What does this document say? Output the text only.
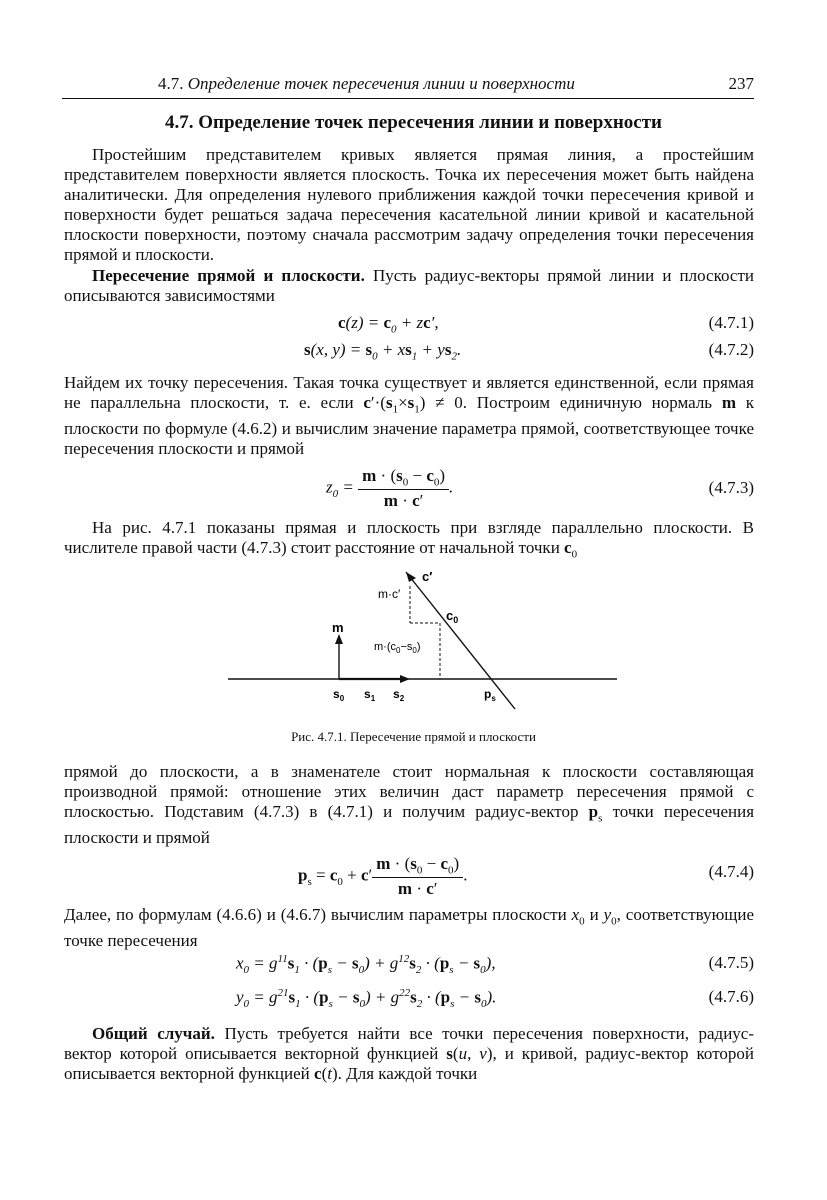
4.7. Определение точек пересечения линии и поверхности	237
4.7. Определение точек пересечения линии и поверхности
Простейшим представителем кривых является прямая линия, а простейшим представителем поверхности является плоскость. Точка их пересечения может быть найдена аналитически. Для определения нулевого приближения каждой точки пересечения кривой и поверхности будет решаться задача пересечения касательной линии кривой и касательной плоскости поверхности, поэтому сначала рассмотрим задачу определения точки пересечения прямой и плоскости.
Пересечение прямой и плоскости. Пусть радиус-векторы прямой линии и плоскости описываются зависимостями
$c(z) = c_0 + zc'$,	(4.7.1)
s(x, $y) = s_0 + xs_1 + ys_2$.	(4.7.2)
Найдем их точку пересечения. Такая точка существует и является единственной, если прямая не параллельна плоскости, т. е. если $c'\cdot(s_1\times s_1) \ne 0$. Построим единичную нормаль m к плоскости по формуле (4.6.2) и вычислим значение параметра прямой, соответствующее точке пересечения плоскости и прямой
$z_0 = \frac{m \cdot (s_0 - c_0)}{m \cdot c'}$ .	(4.7.3)
На рис. 4.7.1 показаны прямая и плоскость при взгляде параллельно плоскости. В числителе правой части (4.7.3) стоит расстояние от начальной точки $c_0$
c′
m·c′
$c_0$
m
$m\cdot(c_0-s_0)$
$s_0$ $s_1$ $s_2$	$p_s$
Рис. 4.7.1. Пересечение прямой и плоскости
прямой до плоскости, а в знаменателе стоит нормальная к плоскости составляющая производной прямой: отношение этих величин даст параметр пересечения прямой с плоскостью. Подставим (4.7.3) в (4.7.1) и получим радиус-вектор $p_s$ точки пересечения плоскости и прямой
$p_s = c_0 + c' \frac{m \cdot (s_0 - c_0)}{m \cdot c'}$ .	(4.7.4)
Далее, по формулам (4.6.6) и (4.6.7) вычислим параметры плоскости $x_0$ и $y_0$, соответствующие точке пересечения
$x_0 = g^{11}s_1 \cdot (p_s - s_0) + g^{12}s_2 \cdot (p_s - s_0)$,	(4.7.5)
$y_0 = g^{21}s_1 \cdot (p_s - s_0) + g^{22}s_2 \cdot (p_s - s_0)$.	(4.7.6)
Общий случай. Пусть требуется найти все точки пересечения поверхности, радиус-вектор которой описывается векторной функцией s(u, v), и кривой, радиус-вектор которой описывается векторной функцией c(t). Для каждой точки
